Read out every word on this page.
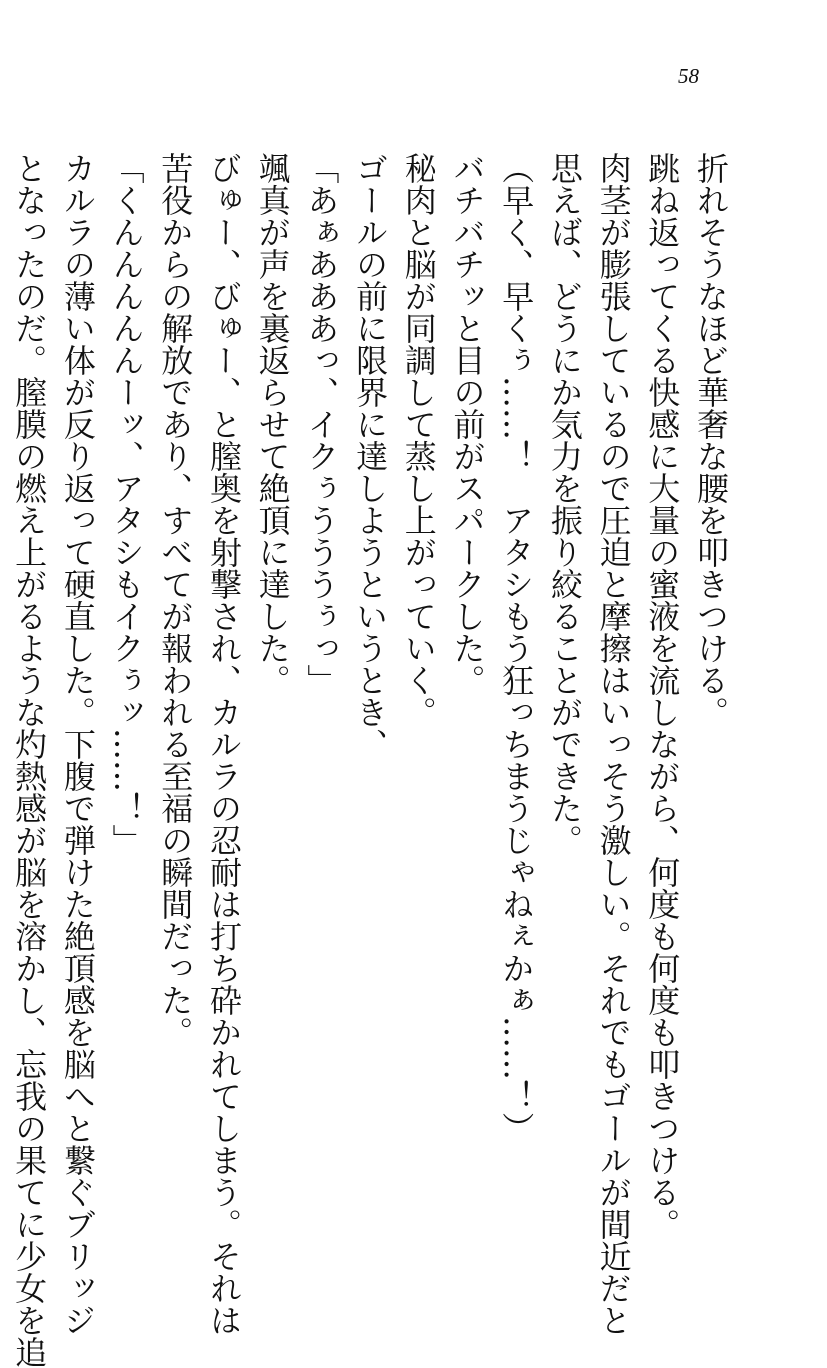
58
折れそうなほど華奢な腰を叩きつける。
跳ね返ってくる快感に大量の蜜液を流しながら、何度も何度も叩きつける。
肉茎が膨張しているので圧迫と摩擦はいっそう激しい。それでもゴールが間近だと
思えば、どうにか気力を振り絞ることができた。
（早く、早くぅ……！　アタシもう狂っちまうじゃねぇかぁ……！）
バチバチッと目の前がスパークした。
秘肉と脳が同調して蒸し上がっていく。
ゴールの前に限界に達しようというとき、
「あぁあああっ、イクぅうううぅっ」
颯真が声を裏返らせて絶頂に達した。
びゅー、びゅー、と膣奥を射撃され、カルラの忍耐は打ち砕かれてしまう。それは
苦役からの解放であり、すべてが報われる至福の瞬間だった。
「くんんんんんーッ、アタシもイクぅッ……！」
カルラの薄い体が反り返って硬直した。下腹で弾けた絶頂感を脳へと繋ぐブリッジ
となったのだ。膣膜の燃え上がるような灼熱感が脳を溶かし、忘我の果てに少女を追
